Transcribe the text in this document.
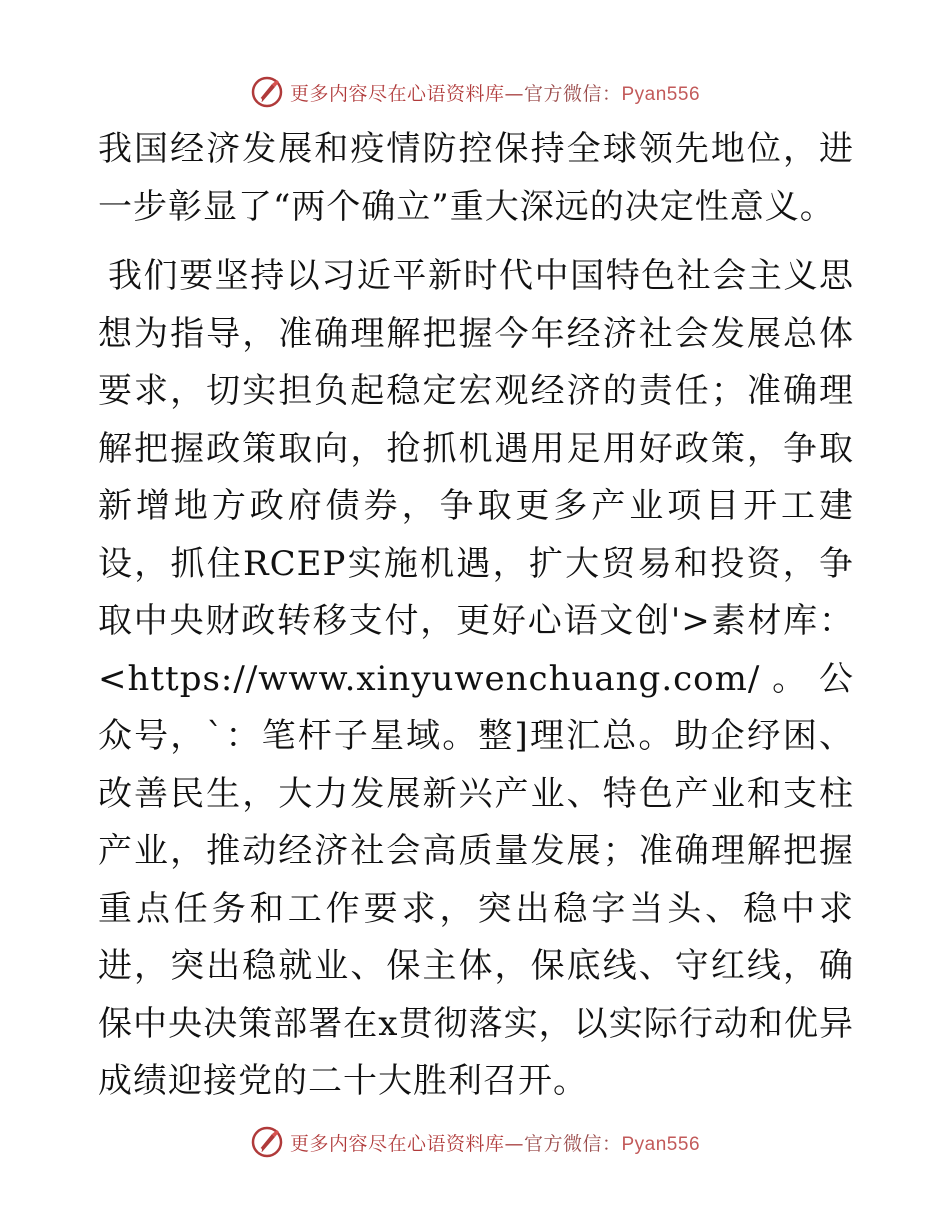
更多内容尽在心语资料库—官方微信：Pyan556

我国经济发展和疫情防控保持全球领先地位，进一步彰显了“两个确立”重大深远的决定性意义。

我们要坚持以习近平新时代中国特色社会主义思想为指导，准确理解把握今年经济社会发展总体要求，切实担负起稳定宏观经济的责任；准确理解把握政策取向，抢抓机遇用足用好政策，争取新增地方政府债券，争取更多产业项目开工建设，抓住RCEP实施机遇，扩大贸易和投资，争取中央财政转移支付，更好心语文创'>素材库：<https://www.xinyuwenchuang.com/。公众号，`：笔杆子星域。整]理汇总。助企纾困、改善民生，大力发展新兴产业、特色产业和支柱产业，推动经济社会高质量发展；准确理解把握重点任务和工作要求，突出稳字当头、稳中求进，突出稳就业、保主体，保底线、守红线，确保中央决策部署在x贯彻落实，以实际行动和优异成绩迎接党的二十大胜利召开。

更多内容尽在心语资料库—官方微信：Pyan556
